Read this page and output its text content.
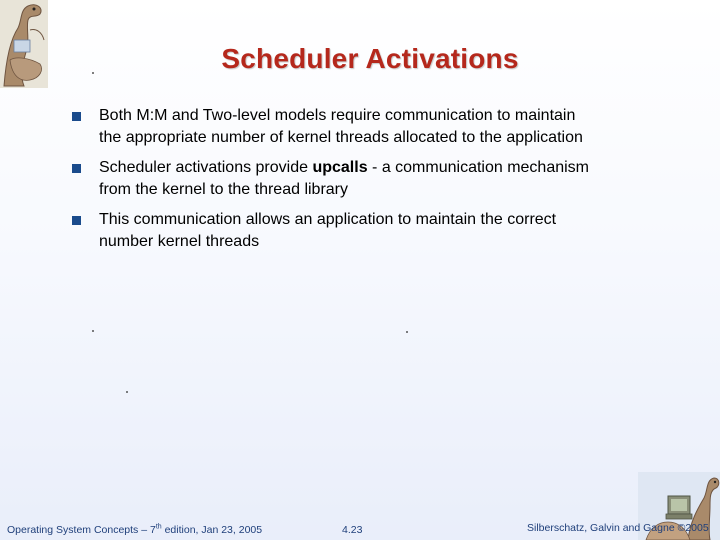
Scheduler Activations
Both M:M and Two-level models require communication to maintain the appropriate number of kernel threads allocated to the application
Scheduler activations provide upcalls - a communication mechanism from the kernel to the thread library
This communication allows an application to maintain the correct number kernel threads
Operating System Concepts – 7th edition, Jan 23, 2005	4.23	Silberschatz, Galvin and Gagne ©2005
